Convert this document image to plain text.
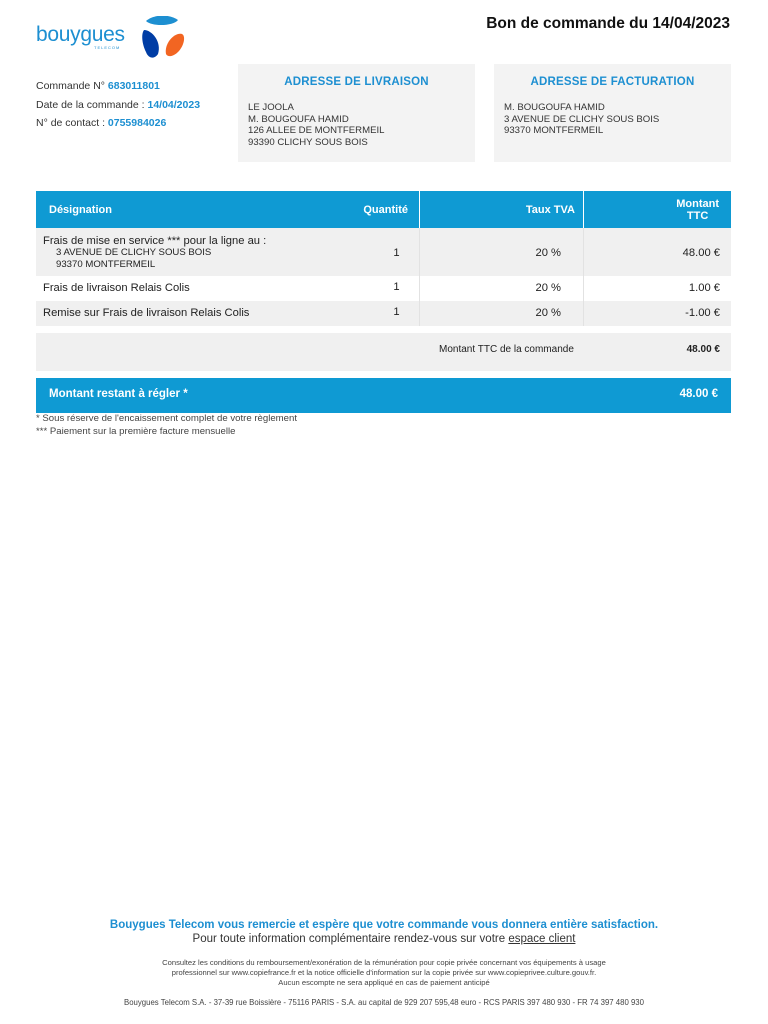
bouygues
TELECOM
Bon de commande du 14/04/2023
Commande N° 683011801
Date de la commande : 14/04/2023
N° de contact : 0755984026
ADRESSE DE LIVRAISON
LE JOOLA
M. BOUGOUFA HAMID
126 ALLEE DE MONTFERMEIL
93390 CLICHY SOUS BOIS
ADRESSE DE FACTURATION
M. BOUGOUFA HAMID
3 AVENUE DE CLICHY SOUS BOIS
93370 MONTFERMEIL
Désignation	Quantité	Taux TVA	Montant
TTC
Frais de mise en service *** pour la ligne au :
3 AVENUE DE CLICHY SOUS BOIS
93370 MONTFERMEIL
1	20 %	48.00 €
Frais de livraison Relais Colis	1	20 %	1.00 €
Remise sur Frais de livraison Relais Colis	1	20 %	-1.00 €
Montant TTC de la commande	48.00 €
Montant restant à régler *	48.00 €
* Sous réserve de l'encaissement complet de votre règlement
*** Paiement sur la première facture mensuelle
Bouygues Telecom vous remercie et espère que votre commande vous donnera entière satisfaction.
Pour toute information complémentaire rendez-vous sur votre espace client
Consultez les conditions du remboursement/exonération de la rémunération pour copie privée concernant vos équipements à usage
professionnel sur www.copiefrance.fr et la notice officielle d'information sur la copie privée sur www.copieprivee.culture.gouv.fr.
Aucun escompte ne sera appliqué en cas de paiement anticipé
Bouygues Telecom S.A. - 37-39 rue Boissière - 75116 PARIS - S.A. au capital de 929 207 595,48 euro - RCS PARIS 397 480 930 - FR 74 397 480 930
